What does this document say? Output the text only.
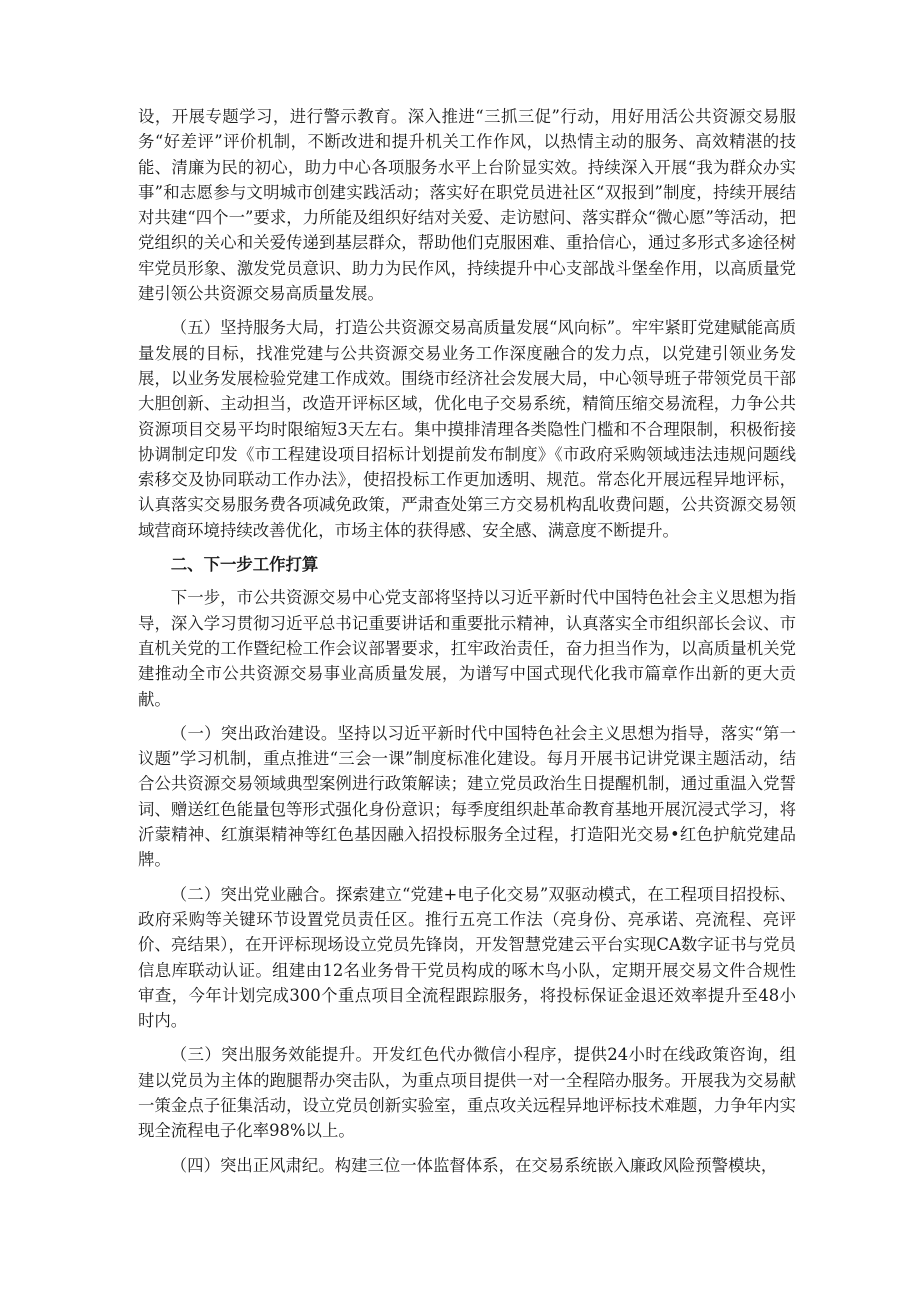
设，开展专题学习，进行警示教育。深入推进“三抓三促”行动，用好用活公共资源交易服务“好差评”评价机制，不断改进和提升机关工作作风，以热情主动的服务、高效精湛的技能、清廉为民的初心，助力中心各项服务水平上台阶显实效。持续深入开展“我为群众办实事”和志愿参与文明城市创建实践活动；落实好在职党员进社区“双报到”制度，持续开展结对共建“四个一”要求，力所能及组织好结对关爱、走访慰问、落实群众“微心愿”等活动，把党组织的关心和关爱传递到基层群众，帮助他们克服困难、重拾信心，通过多形式多途径树牢党员形象、激发党员意识、助力为民作风，持续提升中心支部战斗堡垒作用，以高质量党建引领公共资源交易高质量发展。

（五）坚持服务大局，打造公共资源交易高质量发展“风向标”。牢牢紧盯党建赋能高质量发展的目标，找准党建与公共资源交易业务工作深度融合的发力点，以党建引领业务发展，以业务发展检验党建工作成效。围绕市经济社会发展大局，中心领导班子带领党员干部大胆创新、主动担当，改造开评标区域，优化电子交易系统，精简压缩交易流程，力争公共资源项目交易平均时限缩短3天左右。集中摸排清理各类隐性门槛和不合理限制，积极衔接协调制定印发《市工程建设项目招标计划提前发布制度》《市政府采购领域违法违规问题线索移交及协同联动工作办法》，使招投标工作更加透明、规范。常态化开展远程异地评标，认真落实交易服务费各项减免政策，严肃查处第三方交易机构乱收费问题，公共资源交易领域营商环境持续改善优化，市场主体的获得感、安全感、满意度不断提升。

二、下一步工作打算

下一步，市公共资源交易中心党支部将坚持以习近平新时代中国特色社会主义思想为指导，深入学习贯彻习近平总书记重要讲话和重要批示精神，认真落实全市组织部长会议、市直机关党的工作暨纪检工作会议部署要求，扛牢政治责任，奋力担当作为，以高质量机关党建推动全市公共资源交易事业高质量发展，为谱写中国式现代化我市篇章作出新的更大贡献。

（一）突出政治建设。坚持以习近平新时代中国特色社会主义思想为指导，落实“第一议题”学习机制，重点推进“三会一课”制度标准化建设。每月开展书记讲党课主题活动，结合公共资源交易领域典型案例进行政策解读；建立党员政治生日提醒机制，通过重温入党誓词、赠送红色能量包等形式强化身份意识；每季度组织赴革命教育基地开展沉浸式学习，将沂蒙精神、红旗渠精神等红色基因融入招投标服务全过程，打造阳光交易•红色护航党建品牌。

（二）突出党业融合。探索建立“党建+电子化交易”双驱动模式，在工程项目招投标、政府采购等关键环节设置党员责任区。推行五亮工作法（亮身份、亮承诺、亮流程、亮评价、亮结果），在开评标现场设立党员先锋岗，开发智慧党建云平台实现CA数字证书与党员信息库联动认证。组建由12名业务骨干党员构成的啄木鸟小队，定期开展交易文件合规性审查，今年计划完成300个重点项目全流程跟踪服务，将投标保证金退还效率提升至48小时内。

（三）突出服务效能提升。开发红色代办微信小程序，提供24小时在线政策咨询，组建以党员为主体的跑腿帮办突击队，为重点项目提供一对一全程陪办服务。开展我为交易献一策金点子征集活动，设立党员创新实验室，重点攻关远程异地评标技术难题，力争年内实现全流程电子化率98%以上。

（四）突出正风肃纪。构建三位一体监督体系，在交易系统嵌入廉政风险预警模块，
